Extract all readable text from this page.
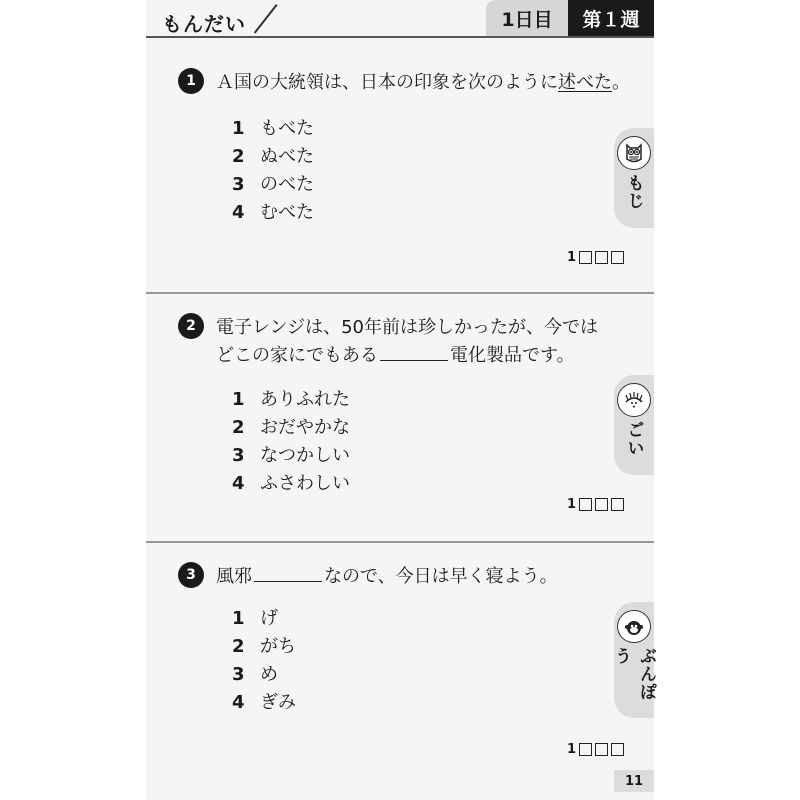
もんだい	1日目	第１週
1	Ａ国の大統領は、日本の印象を次のように述べた。
1 もべた
2 ぬべた
3 のべた
4 むべた
1
2	電子レンジは、50年前は珍しかったが、今では
どこの家にでもある	電化製品です。
1 ありふれた
2 おだやかな
3 なつかしい
4 ふさわしい
1
3	風邪	なので、今日は早く寝よう。
1 げ
2 がち
3 め
4 ぎみ
1
もじ
ごい
ぶんぽう
11
